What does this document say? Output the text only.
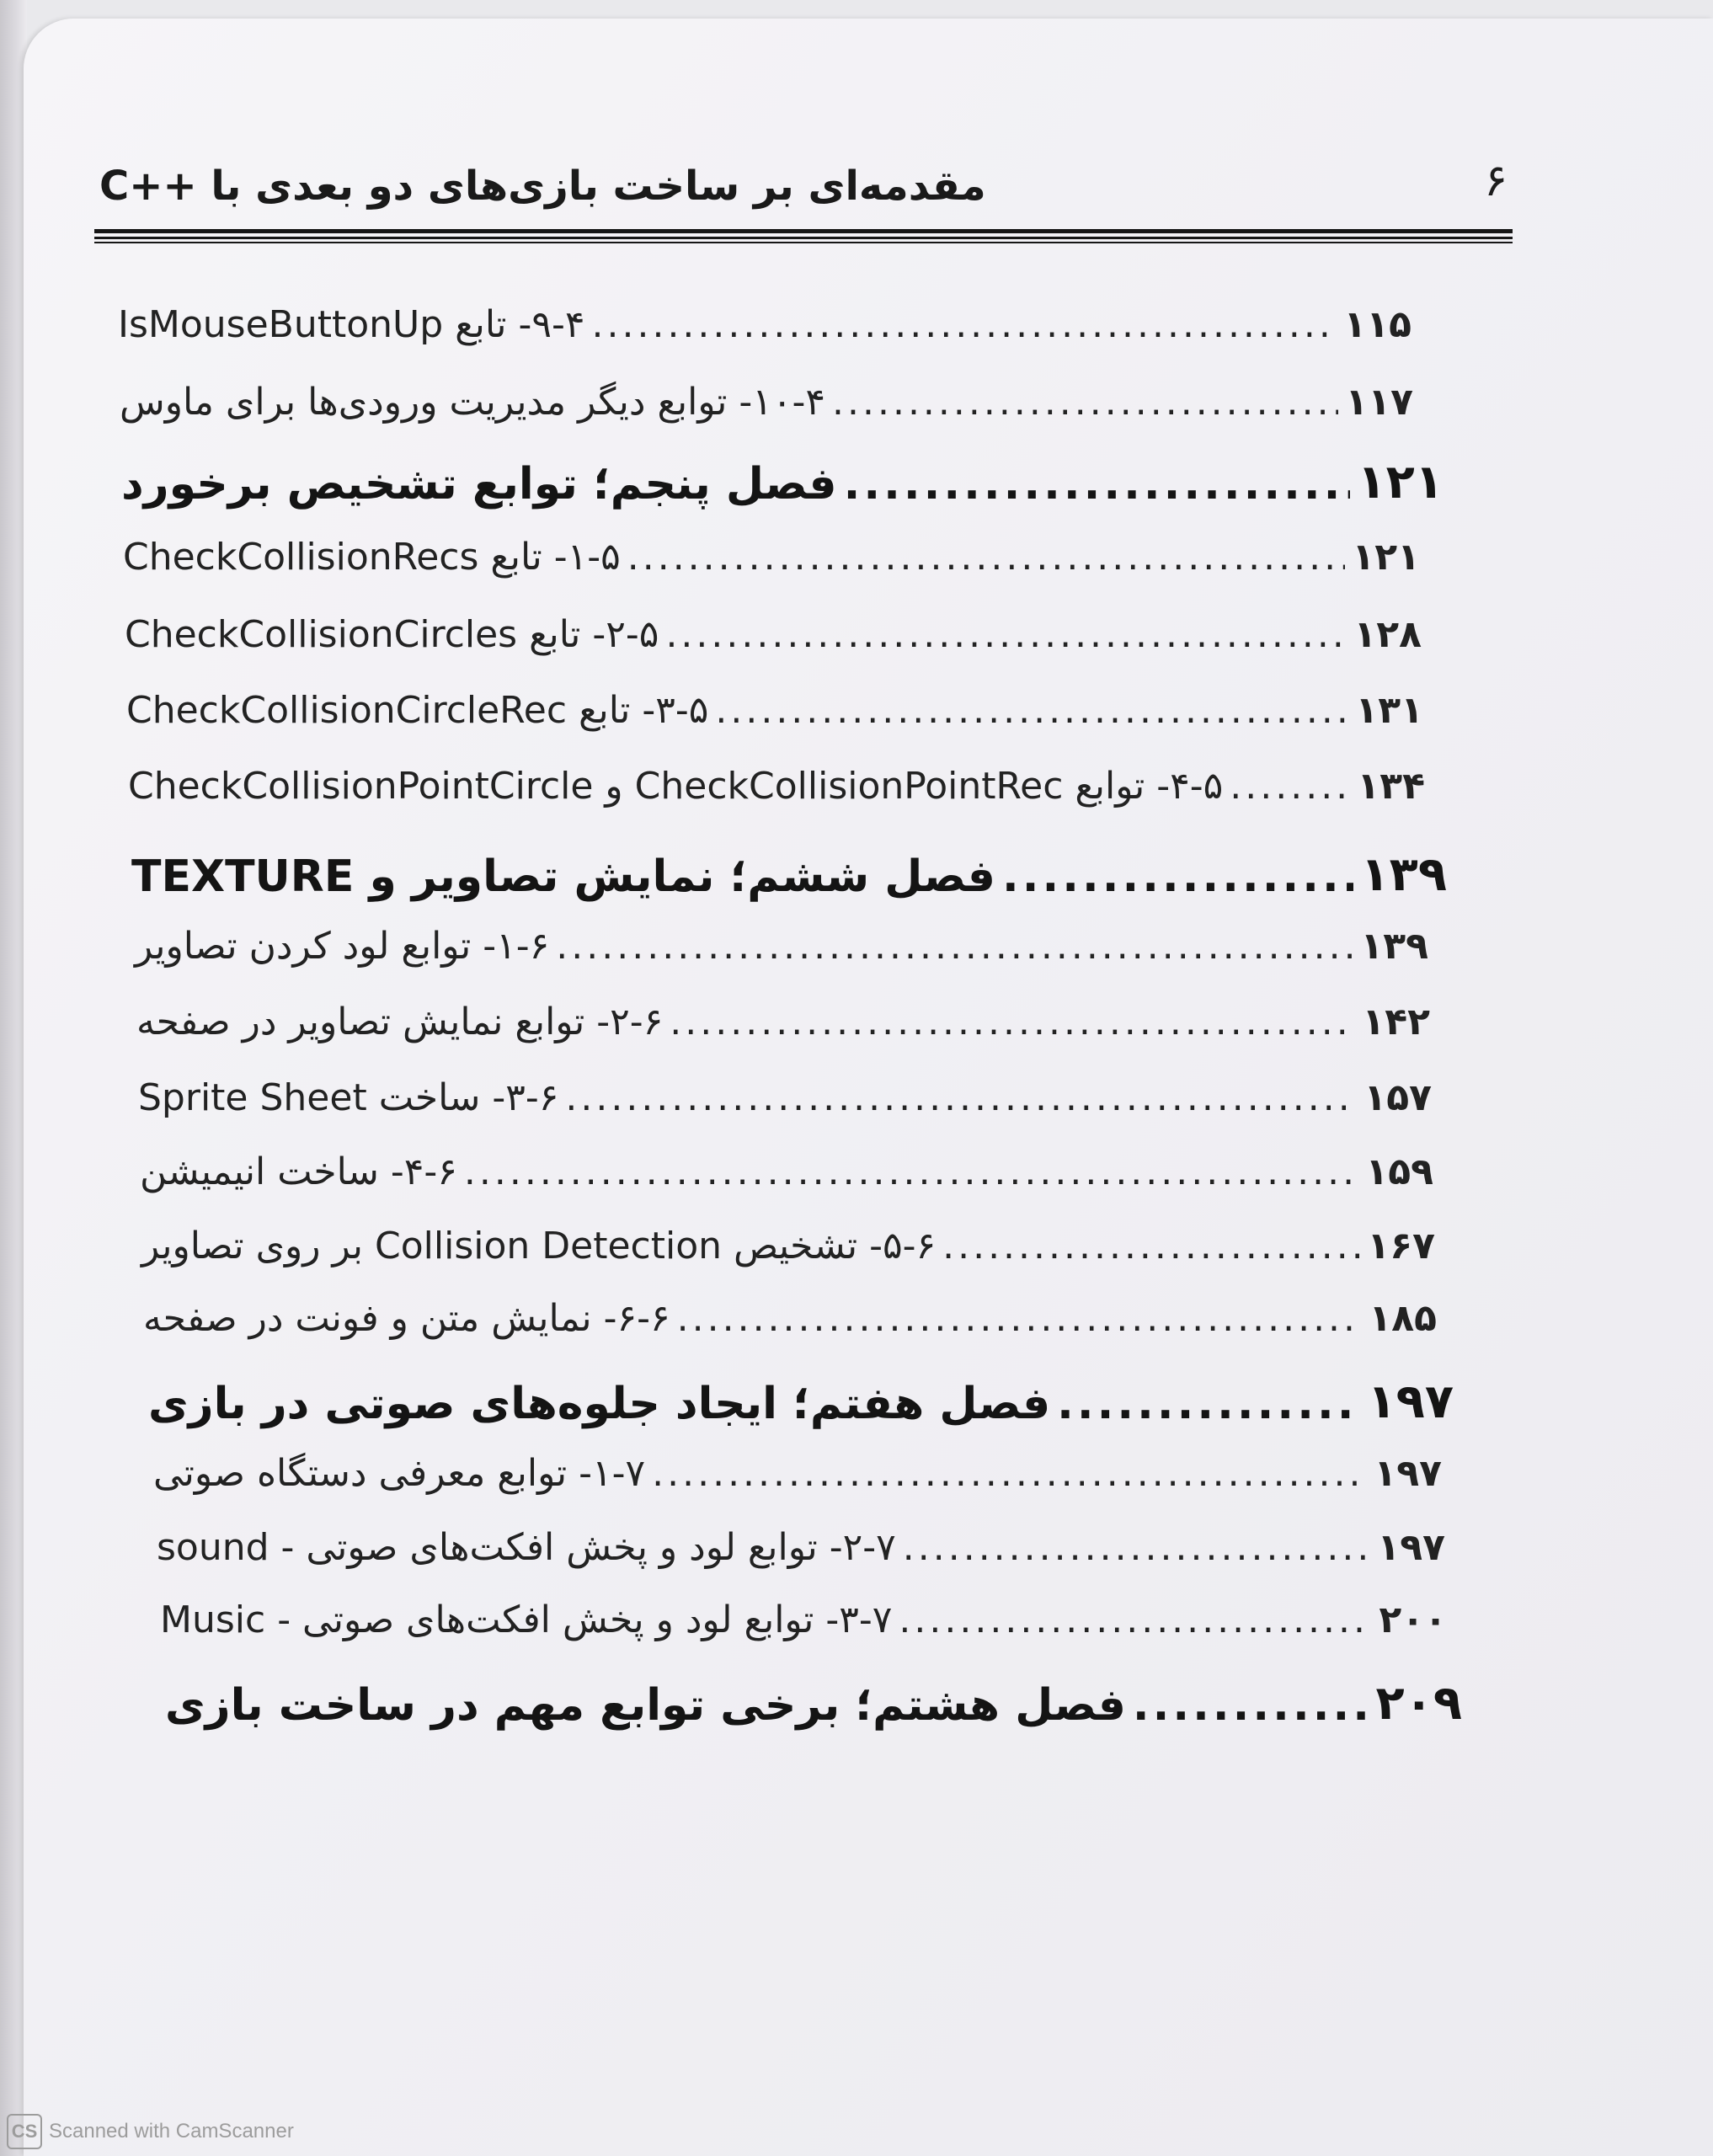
۶
مقدمه‌ای بر ساخت بازی‌های دو بعدی با ++C
۹-۴- تابع IsMouseButtonUp .....	۱۱۵
۱۰-۴- توابع دیگر مدیریت ورودی‌ها برای ماوس .....	۱۱۷
فصل پنجم؛ توابع تشخیص برخورد .....	۱۲۱
۱-۵- تابع CheckCollisionRecs .....	۱۲۱
۲-۵- تابع CheckCollisionCircles .....	۱۲۸
۳-۵- تابع CheckCollisionCircleRec .....	۱۳۱
۴-۵- توابع CheckCollisionPointRec و CheckCollisionPointCircle .....	۱۳۴
فصل ششم؛ نمایش تصاویر و TEXTURE .....	۱۳۹
۱-۶- توابع لود کردن تصاویر .....	۱۳۹
۲-۶- توابع نمایش تصاویر در صفحه .....	۱۴۲
۳-۶- ساخت Sprite Sheet .....	۱۵۷
۴-۶- ساخت انیمیشن .....	۱۵۹
۵-۶- تشخیص Collision Detection بر روی تصاویر .....	۱۶۷
۶-۶- نمایش متن و فونت در صفحه .....	۱۸۵
فصل هفتم؛ ایجاد جلوه‌های صوتی در بازی .....	۱۹۷
۱-۷- توابع معرفی دستگاه صوتی .....	۱۹۷
۲-۷- توابع لود و پخش افکت‌های صوتی - sound .....	۱۹۷
۳-۷- توابع لود و پخش افکت‌های صوتی - Music .....	۲۰۰
فصل هشتم؛ برخی توابع مهم در ساخت بازی .....	۲۰۹
CS Scanned with CamScanner
